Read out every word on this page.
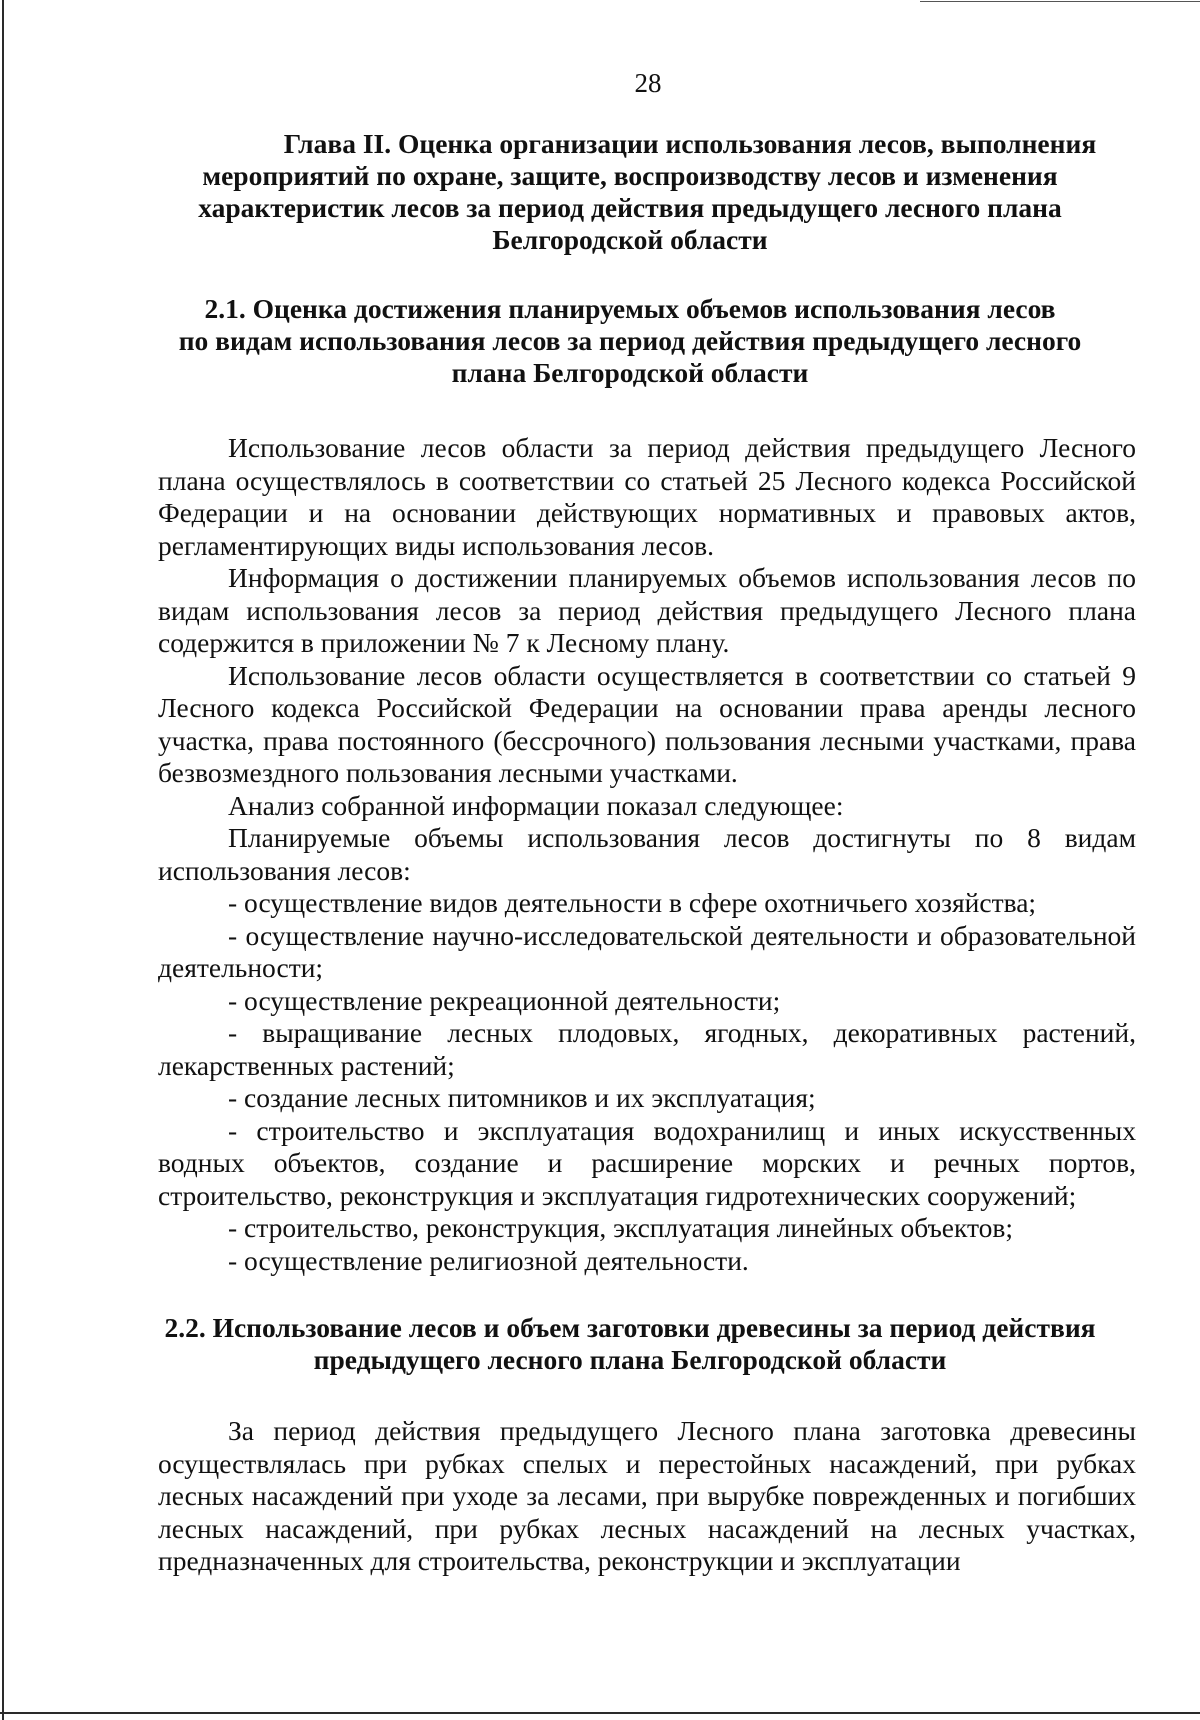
28
Глава II. Оценка организации использования лесов, выполнения
мероприятий по охране, защите, воспроизводству лесов и изменения
характеристик лесов за период действия предыдущего лесного плана
Белгородской области
2.1. Оценка достижения планируемых объемов использования лесов
по видам использования лесов за период действия предыдущего лесного
плана Белгородской области

Использование лесов области за период действия предыдущего Лесного плана осуществлялось в соответствии со статьей 25 Лесного кодекса Российской Федерации и на основании действующих нормативных и правовых актов, регламентирующих виды использования лесов.

Информация о достижении планируемых объемов использования лесов по видам использования лесов за период действия предыдущего Лесного плана содержится в приложении № 7 к Лесному плану.

Использование лесов области осуществляется в соответствии со статьей 9 Лесного кодекса Российской Федерации на основании права аренды лесного участка, права постоянного (бессрочного) пользования лесными участками, права безвозмездного пользования лесными участками.

Анализ собранной информации показал следующее:

Планируемые объемы использования лесов достигнуты по 8 видам использования лесов:

- осуществление видов деятельности в сфере охотничьего хозяйства;

- осуществление научно-исследовательской деятельности и образовательной деятельности;

- осуществление рекреационной деятельности;

- выращивание лесных плодовых, ягодных, декоративных растений, лекарственных растений;

- создание лесных питомников и их эксплуатация;

- строительство и эксплуатация водохранилищ и иных искусственных водных объектов, создание и расширение морских и речных портов, строительство, реконструкция и эксплуатация гидротехнических сооружений;

- строительство, реконструкция, эксплуатация линейных объектов;

- осуществление религиозной деятельности.

2.2. Использование лесов и объем заготовки древесины за период действия
предыдущего лесного плана Белгородской области

За период действия предыдущего Лесного плана заготовка древесины осуществлялась при рубках спелых и перестойных насаждений, при рубках лесных насаждений при уходе за лесами, при вырубке поврежденных и погибших лесных насаждений, при рубках лесных насаждений на лесных участках, предназначенных для строительства, реконструкции и эксплуатации
